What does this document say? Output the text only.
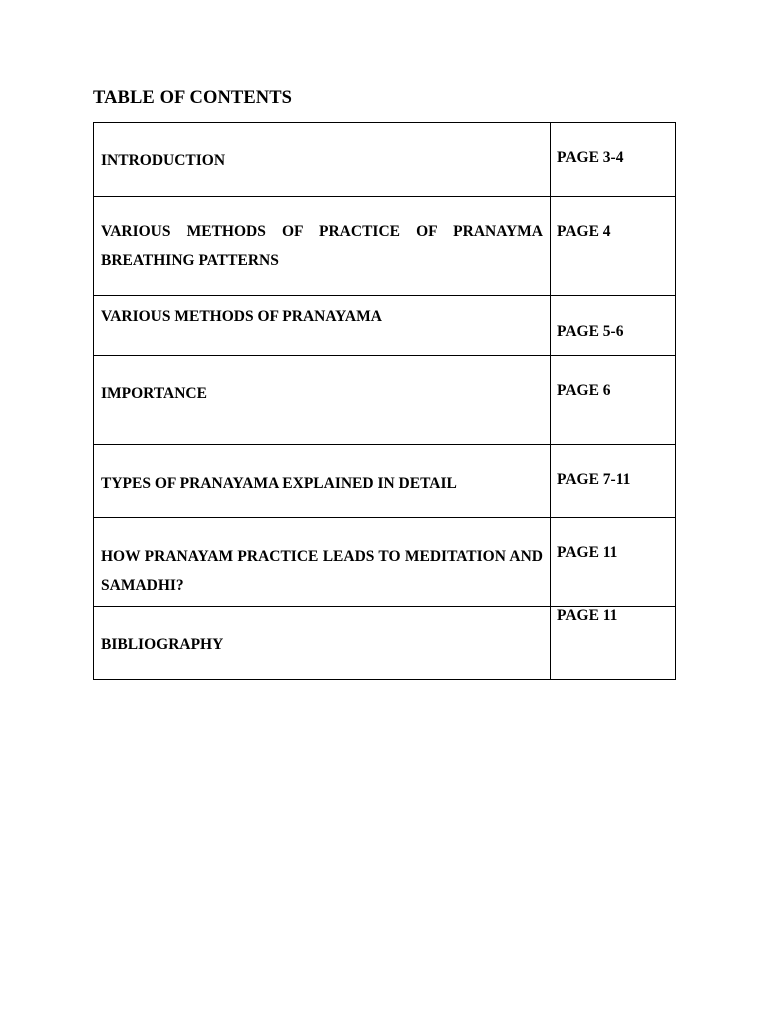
TABLE OF CONTENTS
INTRODUCTION	PAGE 3-4

VARIOUS METHODS OF PRACTICE OF PRANAYMA BREATHING PATTERNS	PAGE 4

VARIOUS METHODS OF PRANAYAMA	PAGE 5-6

IMPORTANCE	PAGE 6

TYPES OF PRANAYAMA EXPLAINED IN DETAIL	PAGE 7-11

HOW PRANAYAM PRACTICE LEADS TO MEDITATION AND SAMADHI?	PAGE 11

BIBLIOGRAPHY	PAGE 11
